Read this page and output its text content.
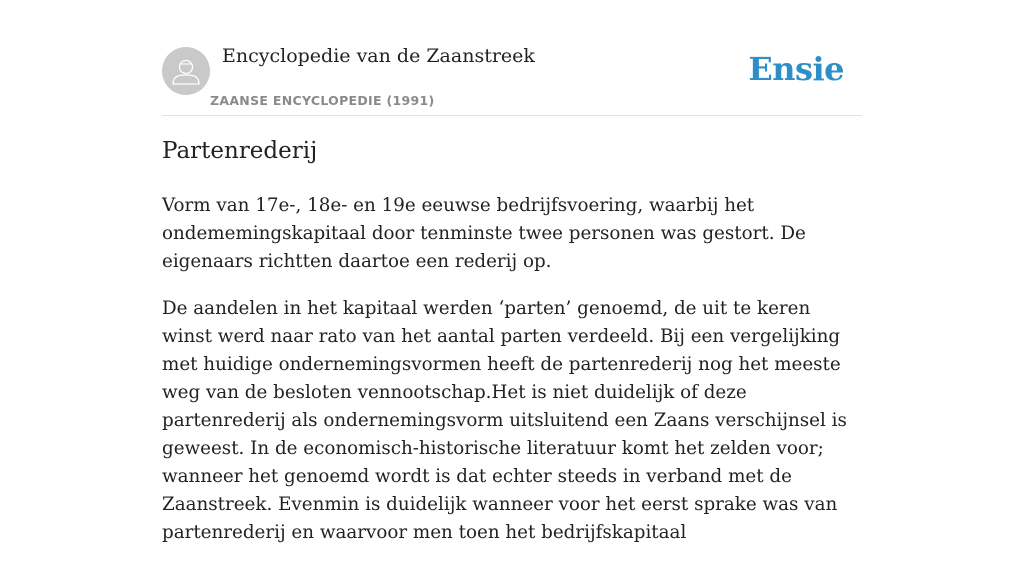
Encyclopedie van de Zaanstreek
ZAANSE ENCYCLOPEDIE (1991)
Ensie
Partenrederij

Vorm van 17e-, 18e- en 19e eeuwse bedrijfsvoering, waarbij het ondememingskapitaal door tenminste twee personen was gestort. De eigenaars richtten daartoe een rederij op.

De aandelen in het kapitaal werden ‘parten’ genoemd, de uit te keren winst werd naar rato van het aantal parten verdeeld. Bij een vergelijking met huidige ondernemingsvormen heeft de partenrederij nog het meeste weg van de besloten vennootschap.Het is niet duidelijk of deze partenrederij als ondernemingsvorm uitsluitend een Zaans verschijnsel is geweest. In de economisch-historische literatuur komt het zelden voor; wanneer het genoemd wordt is dat echter steeds in verband met de Zaanstreek. Evenmin is duidelijk wanneer voor het eerst sprake was van partenrederij en waarvoor men toen het bedrijfskapitaal
